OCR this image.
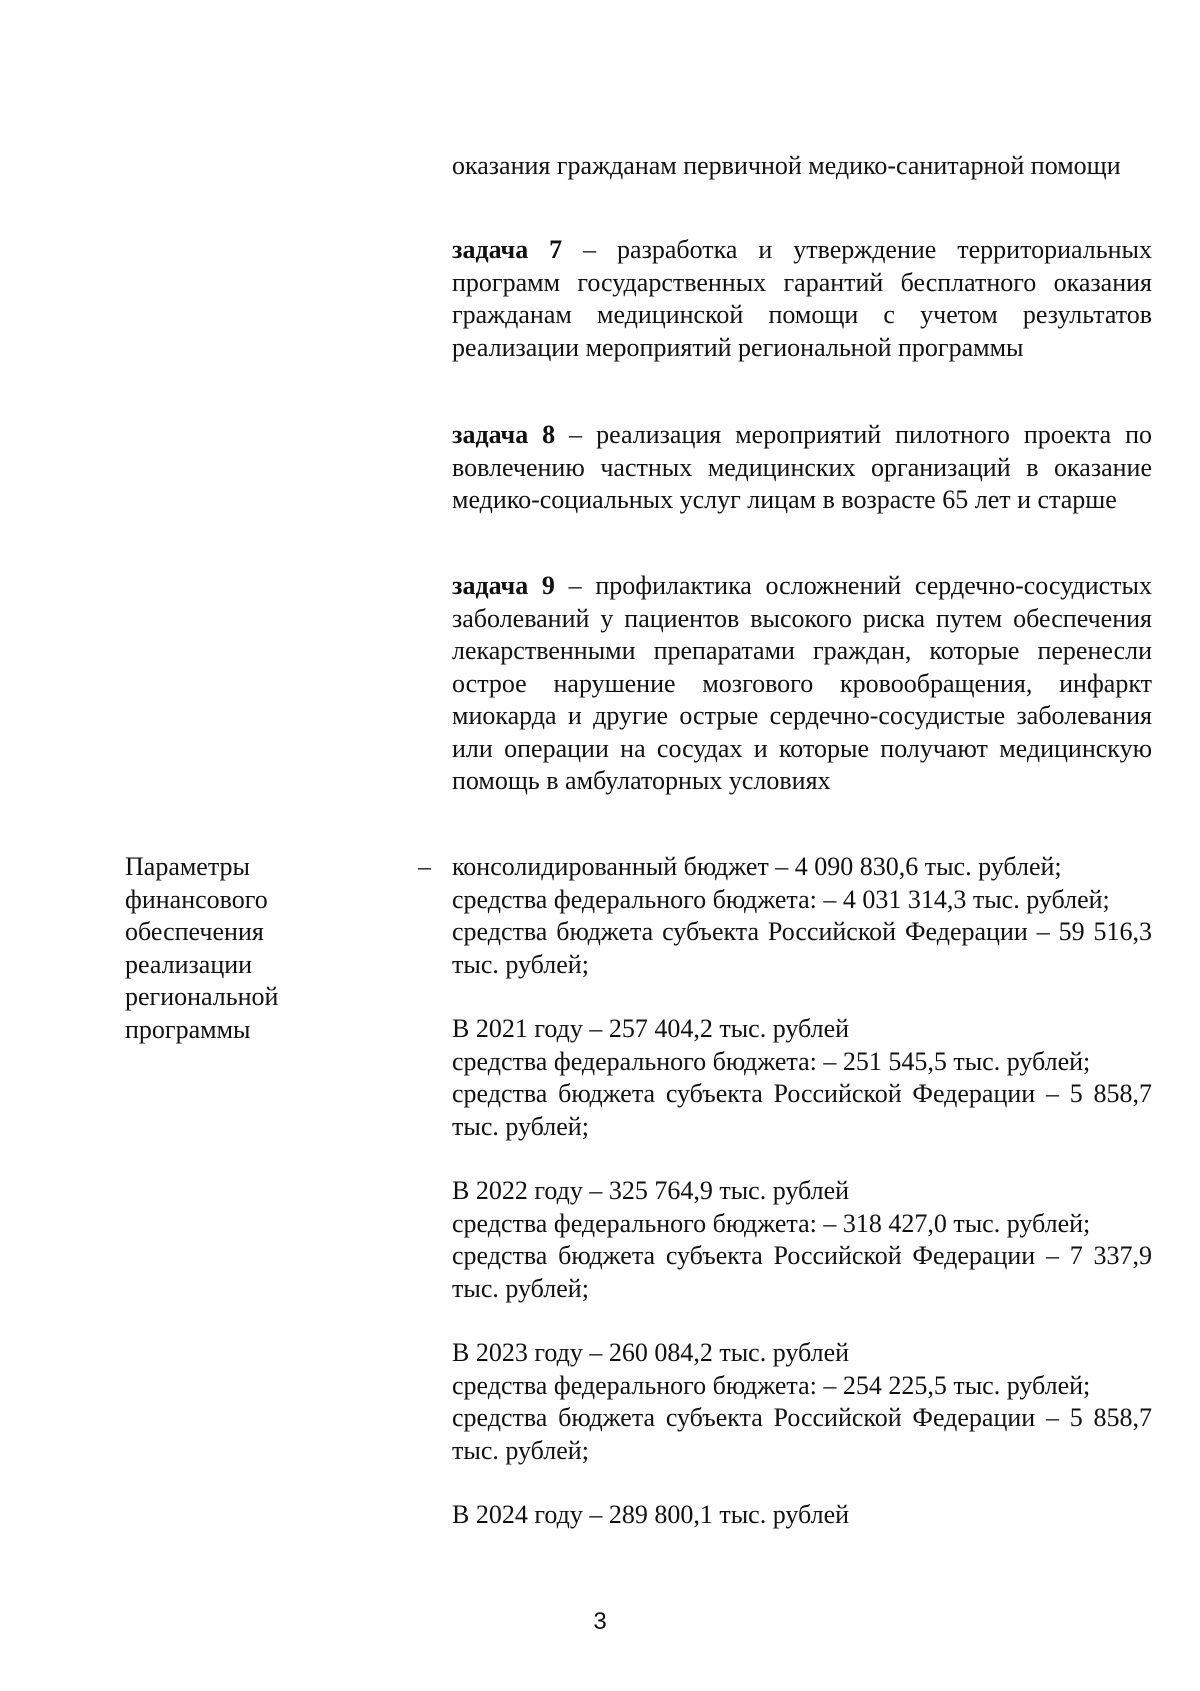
оказания гражданам первичной медико-санитарной помощи

задача 7 – разработка и утверждение территориальных программ государственных гарантий бесплатного оказания гражданам медицинской помощи с учетом результатов реализации мероприятий региональной программы

задача 8 – реализация мероприятий пилотного проекта по вовлечению частных медицинских организаций в оказание медико-социальных услуг лицам в возрасте 65 лет и старше

задача 9 – профилактика осложнений сердечно-сосудистых заболеваний у пациентов высокого риска путем обеспечения лекарственными препаратами граждан, которые перенесли острое нарушение мозгового кровообращения, инфаркт миокарда и другие острые сердечно-сосудистые заболевания или операции на сосудах и которые получают медицинскую помощь в амбулаторных условиях

Параметры
финансового
обеспечения
реализации
региональной
программы
– консолидированный бюджет – 4 090 830,6 тыс. рублей;

средства федерального бюджета: – 4 031 314,3 тыс. рублей;

средства бюджета субъекта Российской Федерации – 59 516,3 тыс. рублей;

В 2021 году – 257 404,2 тыс. рублей

средства федерального бюджета: – 251 545,5 тыс. рублей;

средства бюджета субъекта Российской Федерации – 5 858,7 тыс. рублей;

В 2022 году – 325 764,9 тыс. рублей

средства федерального бюджета: – 318 427,0 тыс. рублей;

средства бюджета субъекта Российской Федерации – 7 337,9 тыс. рублей;

В 2023 году – 260 084,2 тыс. рублей

средства федерального бюджета: – 254 225,5 тыс. рублей;

средства бюджета субъекта Российской Федерации – 5 858,7 тыс. рублей;

В 2024 году – 289 800,1 тыс. рублей

3
